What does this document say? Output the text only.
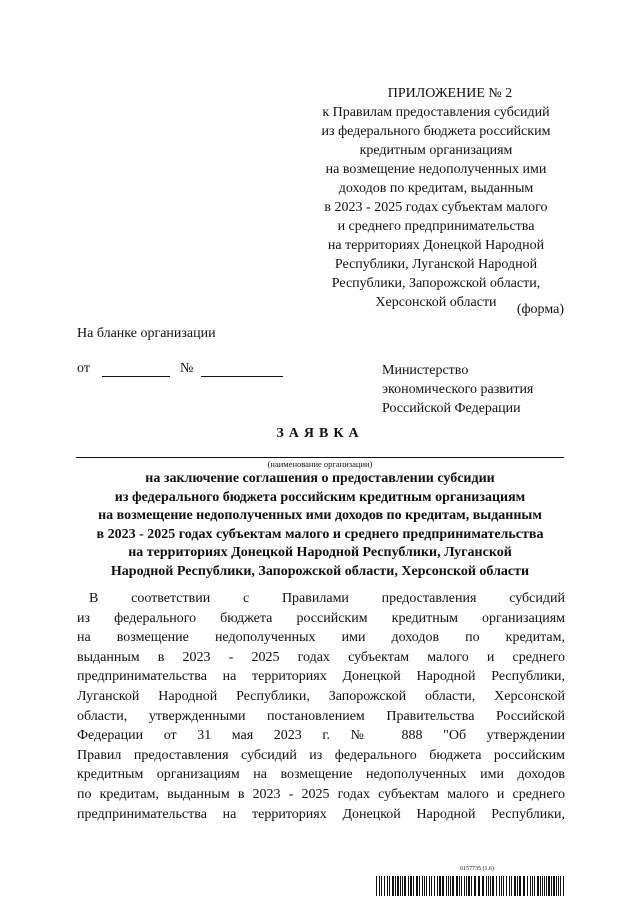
ПРИЛОЖЕНИЕ № 2
к Правилам предоставления субсидий
из федерального бюджета российским
кредитным организациям
на возмещение недополученных ими
доходов по кредитам, выданным
в 2023 - 2025 годах субъектам малого
и среднего предпринимательства
на территориях Донецкой Народной
Республики, Луганской Народной
Республики, Запорожской области,
Херсонской области	(форма)
На бланке организации
от	№	Министерство
экономического развития
Российской Федерации
ЗАЯВКА
(наименование организации)
на заключение соглашения о предоставлении субсидии
из федерального бюджета российским кредитным организациям
на возмещение недополученных ими доходов по кредитам, выданным
в 2023 - 2025 годах субъектам малого и среднего предпринимательства
на территориях Донецкой Народной Республики, Луганской
Народной Республики, Запорожской области, Херсонской области
В соответствии с Правилами предоставления субсидий
из федерального бюджета российским кредитным организациям
на возмещение недополученных ими доходов по кредитам,
выданным в 2023 - 2025 годах субъектам малого и среднего
предпринимательства на территориях Донецкой Народной Республики,
Луганской Народной Республики, Запорожской области, Херсонской
области, утвержденными постановлением Правительства Российской
Федерации от 31 мая 2023 г. № 888 "Об утверждении
Правил предоставления субсидий из федерального бюджета российским
кредитным организациям на возмещение недополученных ими доходов
по кредитам, выданным в 2023 - 2025 годах субъектам малого и среднего
предпринимательства на территориях Донецкой Народной Республики,
6157735 (1.6)
